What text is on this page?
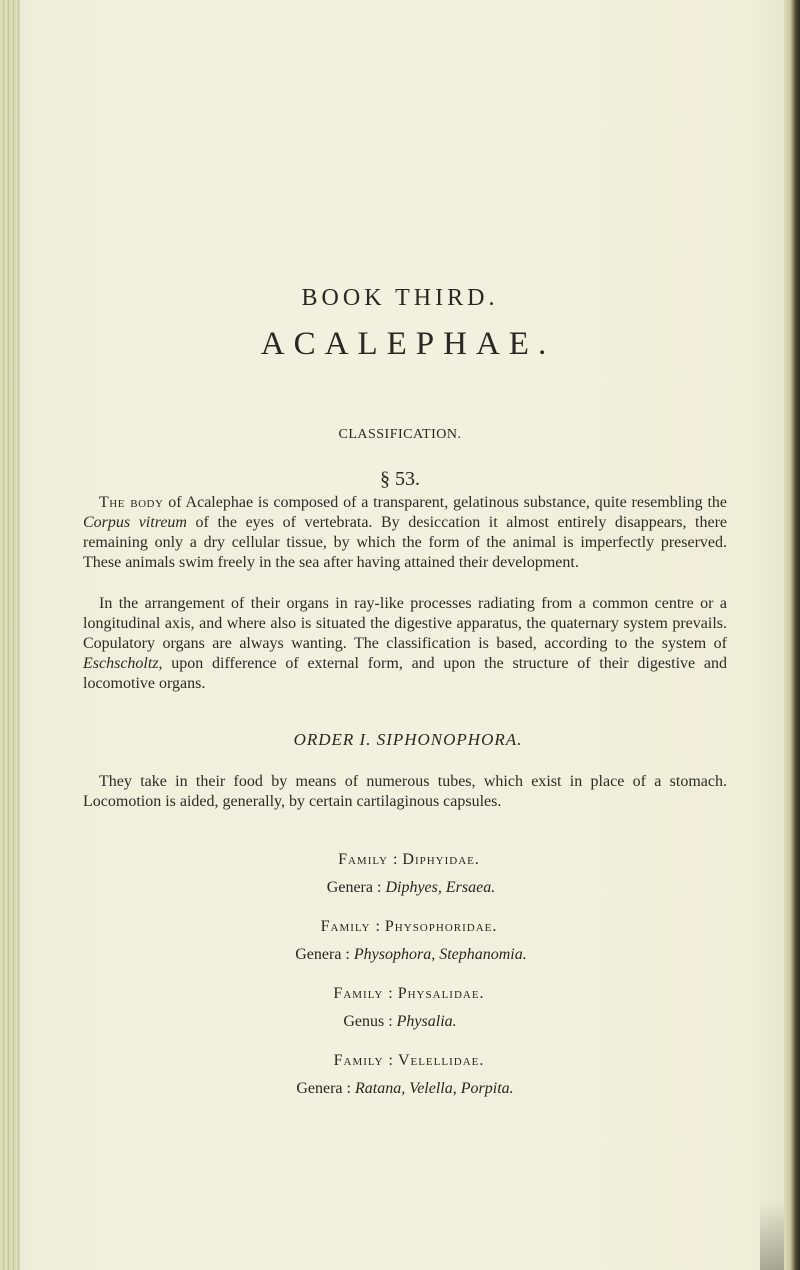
BOOK THIRD.
ACALEPHAE.
CLASSIFICATION.
§ 53.
The body of Acalephae is composed of a transparent, gelatinous substance, quite resembling the Corpus vitreum of the eyes of vertebrata. By desiccation it almost entirely disappears, there remaining only a dry cellular tissue, by which the form of the animal is imperfectly preserved. These animals swim freely in the sea after having attained their development.
In the arrangement of their organs in ray-like processes radiating from a common centre or a longitudinal axis, and where also is situated the digestive apparatus, the quaternary system prevails. Copulatory organs are always wanting. The classification is based, according to the system of Eschscholtz, upon difference of external form, and upon the structure of their digestive and locomotive organs.
ORDER I. SIPHONOPHORA.
They take in their food by means of numerous tubes, which exist in place of a stomach. Locomotion is aided, generally, by certain cartilaginous capsules.
Family : Diphyidae.
Genera : Diphyes, Ersaea.
Family : Physophoridae.
Genera : Physophora, Stephanomia.
Family : Physalidae.
Genus : Physalia.
Family : Velellidae.
Genera : Ratana, Velella, Porpita.
